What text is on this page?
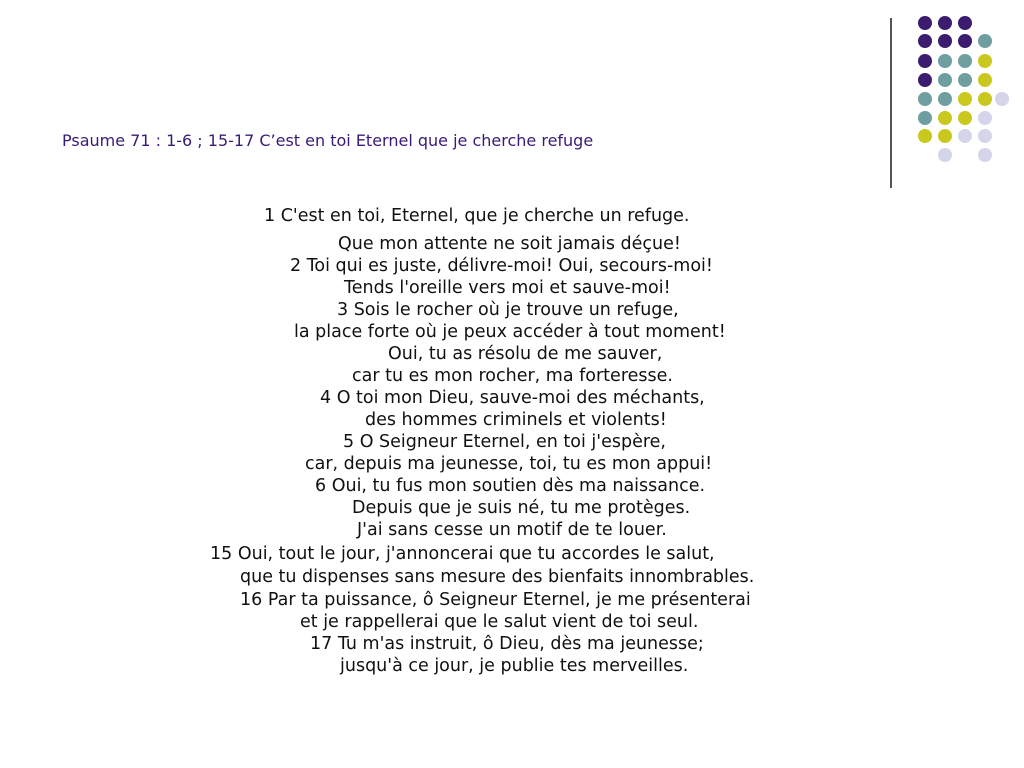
Psaume 71 : 1-6 ; 15-17 C’est en toi Eternel que je cherche refuge
1 C'est en toi, Eternel, que je cherche un refuge.
Que mon attente ne soit jamais déçue!
2 Toi qui es juste, délivre-moi! Oui, secours-moi!
Tends l'oreille vers moi et sauve-moi!
3 Sois le rocher où je trouve un refuge,
la place forte où je peux accéder à tout moment!
Oui, tu as résolu de me sauver,
car tu es mon rocher, ma forteresse.
4 O toi mon Dieu, sauve-moi des méchants,
des hommes criminels et violents!
5 O Seigneur Eternel, en toi j'espère,
car, depuis ma jeunesse, toi, tu es mon appui!
6 Oui, tu fus mon soutien dès ma naissance.
Depuis que je suis né, tu me protèges.
J'ai sans cesse un motif de te louer.
15 Oui, tout le jour, j'annoncerai que tu accordes le salut,
que tu dispenses sans mesure des bienfaits innombrables.
16 Par ta puissance, ô Seigneur Eternel, je me présenterai
et je rappellerai que le salut vient de toi seul.
17 Tu m'as instruit, ô Dieu, dès ma jeunesse;
jusqu'à ce jour, je publie tes merveilles.
